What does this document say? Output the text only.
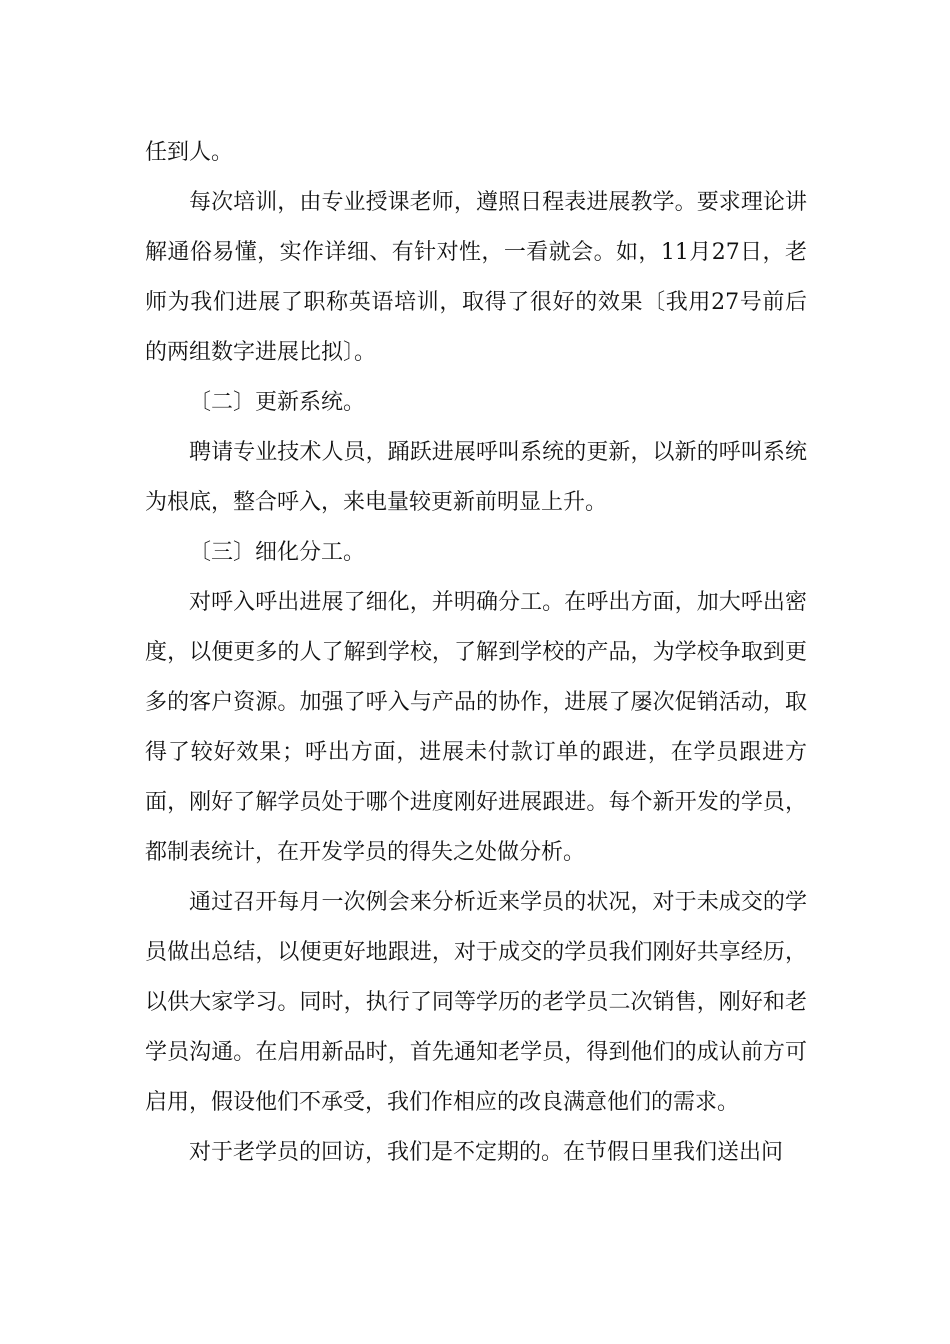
任到人。

每次培训，由专业授课老师，遵照日程表进展教学。要求理论讲解通俗易懂，实作详细、有针对性，一看就会。如，11月27日，老师为我们进展了职称英语培训，取得了很好的效果〔我用27号前后的两组数字进展比拟〕。

〔二〕更新系统。

聘请专业技术人员，踊跃进展呼叫系统的更新，以新的呼叫系统为根底，整合呼入，来电量较更新前明显上升。

〔三〕细化分工。

对呼入呼出进展了细化，并明确分工。在呼出方面，加大呼出密度，以便更多的人了解到学校，了解到学校的产品，为学校争取到更多的客户资源。加强了呼入与产品的协作，进展了屡次促销活动，取得了较好效果；呼出方面，进展未付款订单的跟进，在学员跟进方面，刚好了解学员处于哪个进度刚好进展跟进。每个新开发的学员，都制表统计，在开发学员的得失之处做分析。

通过召开每月一次例会来分析近来学员的状况，对于未成交的学员做出总结，以便更好地跟进，对于成交的学员我们刚好共享经历，以供大家学习。同时，执行了同等学历的老学员二次销售，刚好和老学员沟通。在启用新品时，首先通知老学员，得到他们的成认前方可启用，假设他们不承受，我们作相应的改良满意他们的需求。

对于老学员的回访，我们是不定期的。在节假日里我们送出问
